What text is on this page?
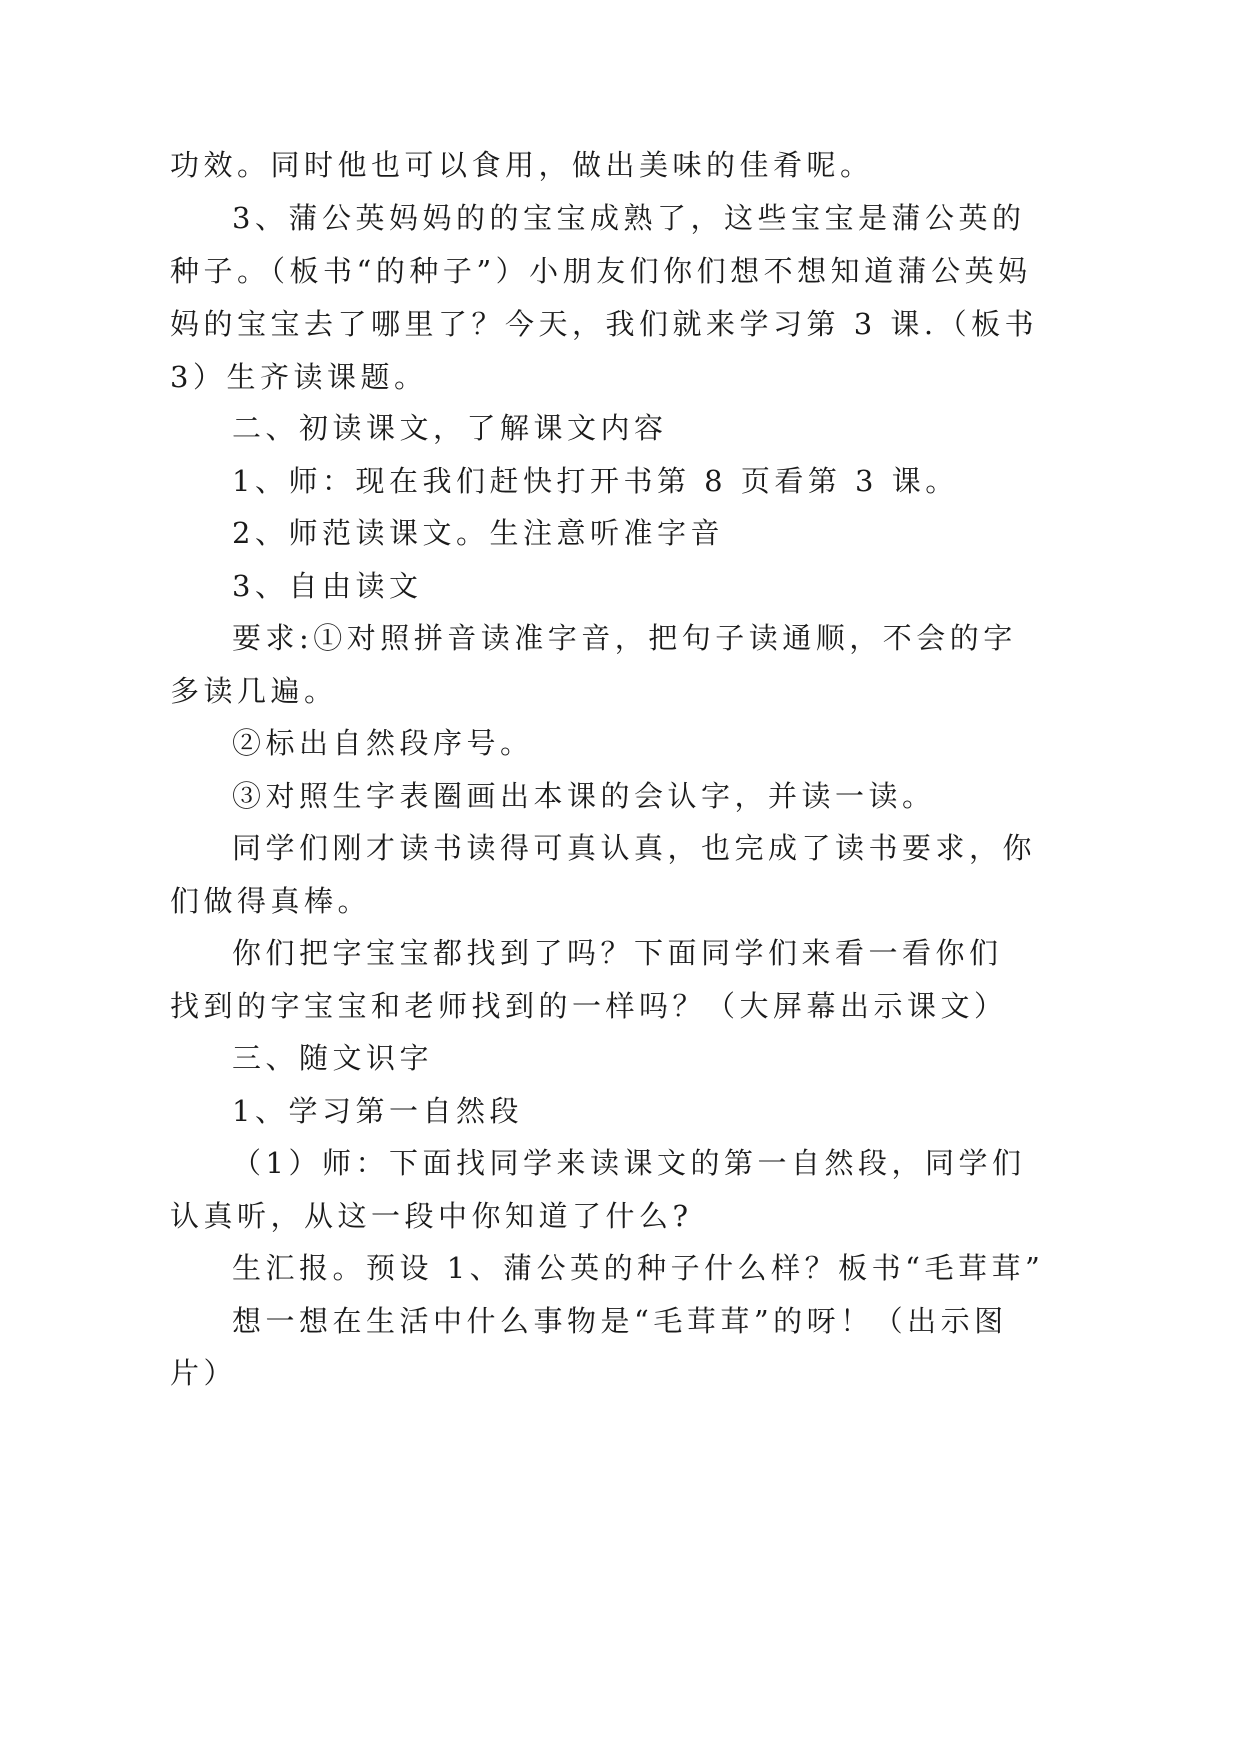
功效。同时他也可以食用，做出美味的佳肴呢。
3、蒲公英妈妈的的宝宝成熟了，这些宝宝是蒲公英的
种子。（板书“的种子”）小朋友们你们想不想知道蒲公英妈
妈的宝宝去了哪里了？今天，我们就来学习第 3 课.（板书
3）生齐读课题。
二、初读课文，了解课文内容
1、师：现在我们赶快打开书第 8 页看第 3 课。
2、师范读课文。生注意听准字音
3、自由读文
要求:①对照拼音读准字音，把句子读通顺，不会的字
多读几遍。
②标出自然段序号。
③对照生字表圈画出本课的会认字，并读一读。
同学们刚才读书读得可真认真，也完成了读书要求，你
们做得真棒。
你们把字宝宝都找到了吗？下面同学们来看一看你们
找到的字宝宝和老师找到的一样吗？（大屏幕出示课文）
三、随文识字
1、学习第一自然段
（1）师：下面找同学来读课文的第一自然段，同学们
认真听，从这一段中你知道了什么?
生汇报。预设 1、蒲公英的种子什么样？板书“毛茸茸”
想一想在生活中什么事物是“毛茸茸”的呀！（出示图
片）
